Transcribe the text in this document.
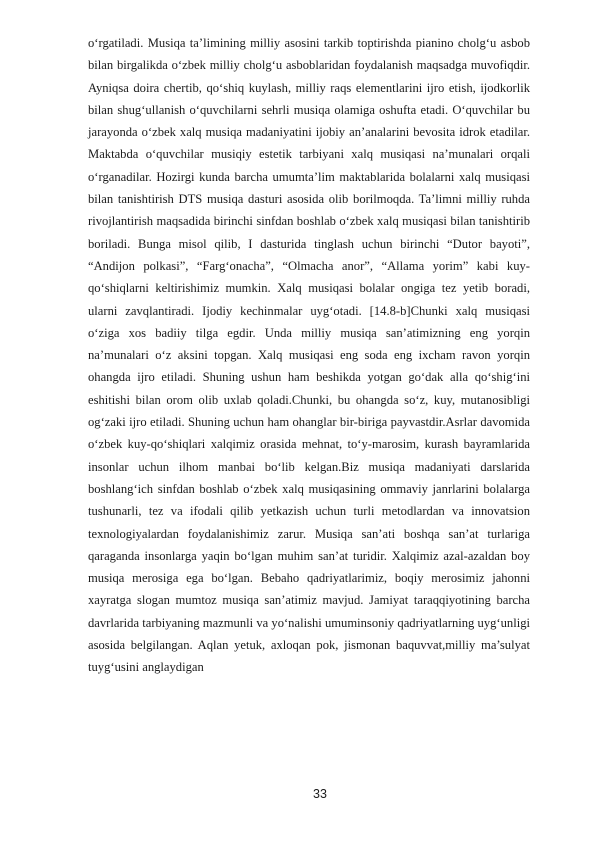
o‘rgatiladi. Musiqa ta’limining milliy asosini tarkib toptirishda pianino cholg‘u asbob bilan birgalikda o‘zbek milliy cholg‘u asboblaridan foydalanish maqsadga muvofiqdir. Ayniqsa doira chertib, qo‘shiq kuylash, milliy raqs elementlarini ijro etish, ijodkorlik bilan shug‘ullanish o‘quvchilarni sehrli musiqa olamiga oshufta etadi. O‘quvchilar bu jarayonda o‘zbek xalq musiqa madaniyatini ijobiy an’analarini bevosita idrok etadilar. Maktabda o‘quvchilar musiqiy estetik tarbiyani xalq musiqasi na’munalari orqali o‘rganadilar. Hozirgi kunda barcha umumta’lim maktablarida bolalarni xalq musiqasi bilan tanishtirish DTS musiqa dasturi asosida olib borilmoqda. Ta’limni milliy ruhda rivojlantirish maqsadida birinchi sinfdan boshlab o‘zbek xalq musiqasi bilan tanishtirib boriladi. Bunga misol qilib, I dasturida tinglash uchun birinchi “Dutor bayoti”, “Andijon polkasi”, “Farg‘onacha”, “Olmacha anor”, “Allama yorim” kabi kuy-qo‘shiqlarni keltirishimiz mumkin. Xalq musiqasi bolalar ongiga tez yetib boradi, ularni zavqlantiradi. Ijodiy kechinmalar uyg‘otadi. [14.8-b]Chunki xalq musiqasi o‘ziga xos badiiy tilga egdir. Unda milliy musiqa san’atimizning eng yorqin na’munalari o‘z aksini topgan. Xalq musiqasi eng soda eng ixcham ravon yorqin ohangda ijro etiladi. Shuning ushun ham beshikda yotgan go‘dak alla qo‘shig‘ini eshitishi bilan orom olib uxlab qoladi.Chunki, bu ohangda so‘z, kuy, mutanosibligi og‘zaki ijro etiladi. Shuning uchun ham ohanglar bir-biriga payvastdir.Asrlar davomida o‘zbek kuy-qo‘shiqlari xalqimiz orasida mehnat, to‘y-marosim, kurash bayramlarida insonlar uchun ilhom manbai bo‘lib kelgan.Biz musiqa madaniyati darslarida boshlang‘ich sinfdan boshlab o‘zbek xalq musiqasining ommaviy janrlarini bolalarga tushunarli, tez va ifodali qilib yetkazish uchun turli metodlardan va innovatsion texnologiyalardan foydalanishimiz zarur. Musiqa san’ati boshqa san’at turlariga qaraganda insonlarga yaqin bo‘lgan muhim san’at turidir. Xalqimiz azal-azaldan boy musiqa merosiga ega bo‘lgan. Bebaho qadriyatlarimiz, boqiy merosimiz jahonni xayratga slogan mumtoz musiqa san’atimiz mavjud. Jamiyat taraqqiyotining barcha davrlarida tarbiyaning mazmunli va yo‘nalishi umuminsoniy qadriyatlarning uyg‘unligi asosida belgilangan. Aqlan yetuk, axloqan pok, jismonan baquvvat,milliy ma’sulyat tuyg‘usini anglaydigan

33
